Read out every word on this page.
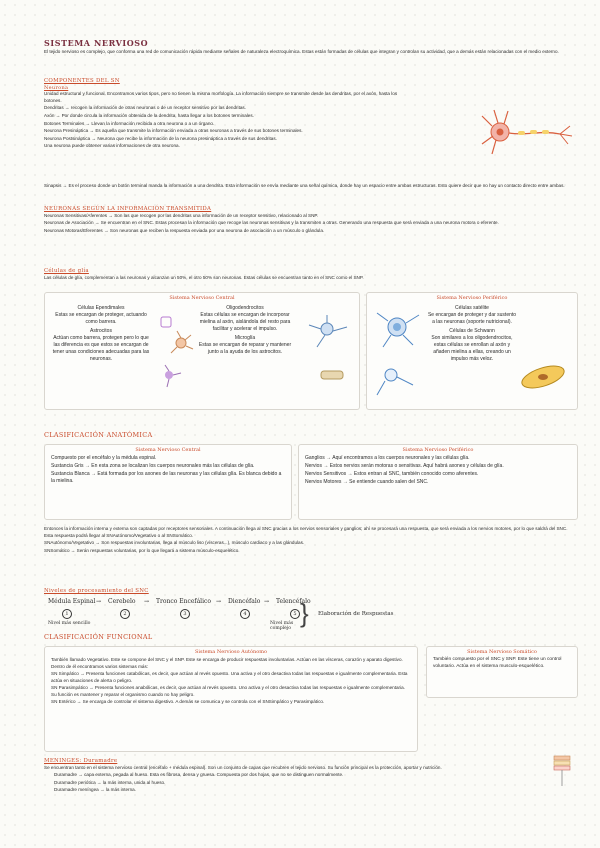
SISTEMA NERVIOSO

El tejido nervioso es complejo, que conforma una red de comunicación rápida mediante señales de naturaleza electroquímica. Estas están formadas de células que integran y controlan su actividad, que a demás están relacionadas con el medio externo.

COMPONENTES DEL SN
Neurona

Unidad estructural y funcional. Encontramos varios tipos, pero no tienen la misma morfología. La información siempre se transmite desde las dendritas, por el axón, hasta los botones.

Dendritas → recogen la información de otras neuronas o de un receptor sensitivo por las dendritas.

Axón → Por donde circula la información obtenida de la dendrita, hasta llegar a los botones terminales.

Botones Terminales → Llevan la información recibida a otra neurona o a un órgano.

Neurona Presináptica → Es aquella que transmite la información enviada a otras neuronas a través de sus botones terminales.

Neurona Postsináptica → Neurona que recibe la información de la neurona presináptica a través de sus dendritas.

Una neurona puede obtener varias informaciones de otra neurona.

Sinapsis → Es el proceso donde un botón terminal manda la información a una dendrita. Esta información se envía mediante una señal química, donde hay un espacio entre ambas estructuras. Esto quiere decir que no hay un contacto directo entre ambas.

NEURONAS SEGÚN LA INFORMACIÓN TRANSMITIDA

Neuronas Sensitivas/Aferentes → Son las que recogen por las dendritas una información de un receptor sensitivo, relacionado al SNP.

Neuronas de Asociación → Se encuentran en el SNC. Estas procesan la información que recoge las neuronas sensitivas y la transmiten a otras. Generando una respuesta que será enviada a una neurona motora o eferente.

Neuronas Motoras/Eferentes → Son neuronas que reciben la respuesta enviada por una neurona de asociación a un músculo o glándula.

Células de glía

Las células de glía, complementan a las neuronas y alcanzan un 50%, el otro 50% son neuronas. Estas células se encuentran tanto en el SNC como el SNP.

Sistema Nervioso Central
Células Ependimales
Estas se encargan de proteger, actuando como barrera.
Astrocitos
Actúan como barrera, protegen pero lo que las diferencia es que estos se encargan de tener unas condiciones adecuadas para las neuronas.
Oligodendrocitos
Estas células se encargan de incorporar mielina al axón, aislándola del resto para facilitar y acelerar el impulso.
Microglía
Estas se encargan de reparar y mantener junto a la ayuda de los astrocitos.
Sistema Nervioso Periférico
Células satélite
Se encargan de proteger y dar sustento a las neuronas (soporte nutricional).
Células de Schwann
Son similares a los oligodendrocitos, estas células se enrollan al axón y añaden mielina a ellas, creando un impulso más veloz.
CLASIFICACIÓN ANATÓMICA
Sistema Nervioso Central

Compuesto por el encéfalo y la médula espinal.

Sustancia Gris → En esta zona se localizan los cuerpos neuronales más las células de glía.

Sustancia Blanca → Está formada por los axones de las neuronas y las células glía. Es blanca debido a la mielina.

Sistema Nervioso Periférico

Ganglios → Aquí encontramos a los cuerpos neuronales y las células glía.

Nervios → Estos nervios serán motoras o sensitivas. Aquí habrá axones y células de glía.

Nervios Sensitivos → Estos entran al SNC, también conocido como aferentes.

Nervios Motores → Se entiende cuando salen del SNC.

Entonces la información interna y externa son captadas por receptores sensoriales. A continuación llega al SNC gracias a los nervios sensoriales y ganglios; ahí se procesará una respuesta, que será enviada a los nervios motores, por lo que saldrá del SNC. Esta respuesta podrá llegar al SNAutónomo/Vegetativo o al SNSomático.

SNAutónomo/Vegetativo → Son respuestas involuntarias, llega al músculo liso (vísceras...), músculo cardiaco y a las glándulas.

SNSomático → Serán respuestas voluntarias, por lo que llegará a sistema músculo-esquelético.

Niveles de procesamiento del SNC
Médula Espinal → Cerebelo → Tronco Encefálico → Diencéfalo → Telencéfalo
1	2	3	4	5
Nivel más sencillo	Nivel más complejo
} Elaboración de Respuestas
CLASIFICACIÓN FUNCIONAL
Sistema Nervioso Autónomo

También llamado Vegetativo. Este se compone del SNC y el SNP. Este se encarga de producir respuestas involuntarias. Actúan en las vísceras, corazón y aparato digestivo. Dentro de él encontramos varios sistemas más:

SN Simpático → Presenta funciones catabólicas, es decir, que actúan al revés opuesto. Una activa y el otro desactiva todas las respuestas e igualmente complementaria. Esta actúa en situaciones de alerta o peligro.

SN Parasimpático → Presenta funciones anabólicas, es decir, que actúan al revés opuesto. Uno activa y el otro desactiva todas las respuestas e igualmente complementaria. Su función es mantener y reparar el organismo cuando no hay peligro.

SN Entérico → Se encarga de controlar el sistema digestivo. A demás se comunica y se controla con el SNSimpático y Parasimpático.

Sistema Nervioso Somático
También compuesto por el SNC y SNP. Este tiene un control voluntario. Actúa en el sistema musculo-esquelético.
MENINGES: Duramadre

Se encuentran tanto en el sistema nervioso central (encéfalo + médula espinal). Son un conjunto de capas que recubren el tejido nervioso. Su función principal es la protección, aportar y nutrición.

Duramadre → capa externa, pegada al hueso. Esta es fibrosa, densa y gruesa. Compuesta por dos hojas, que no se distinguen normalmente.

Duramadre periótica → la más interna, unida al hueso.

Duramadre meníngea → la más interna.
